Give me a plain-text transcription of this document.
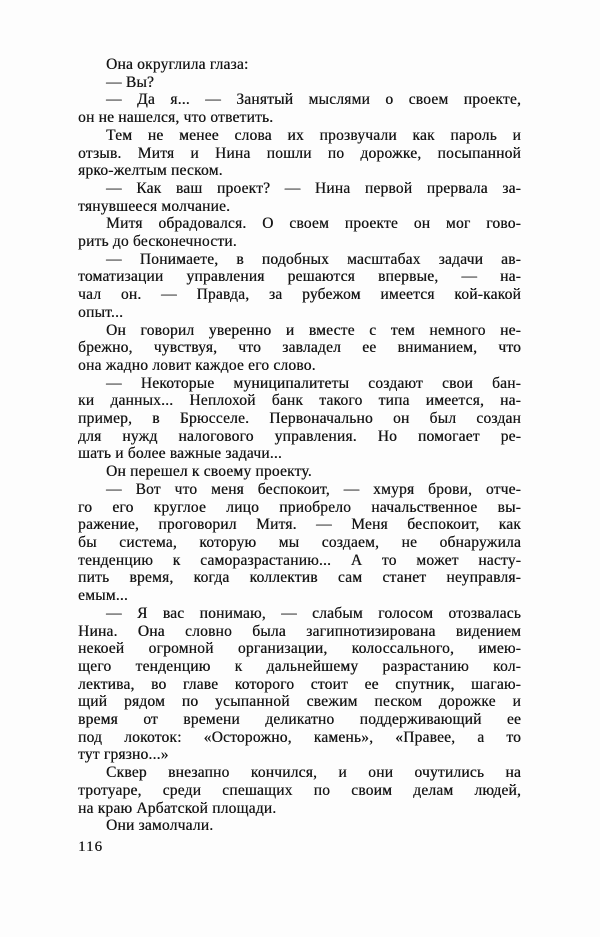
Она округлила глаза:
— Вы?
— Да я... — Занятый мыслями о своем проекте,
он не нашелся, что ответить.
Тем не менее слова их прозвучали как пароль и
отзыв. Митя и Нина пошли по дорожке, посыпанной
ярко-желтым песком.
— Как ваш проект? — Нина первой прервала за-
тянувшееся молчание.
Митя обрадовался. О своем проекте он мог гово-
рить до бесконечности.
— Понимаете, в подобных масштабах задачи ав-
томатизации управления решаются впервые, — на-
чал он. — Правда, за рубежом имеется кой-какой
опыт...
Он говорил уверенно и вместе с тем немного не-
брежно, чувствуя, что завладел ее вниманием, что
она жадно ловит каждое его слово.
— Некоторые муниципалитеты создают свои бан-
ки данных... Неплохой банк такого типа имеется, на-
пример, в Брюсселе. Первоначально он был создан
для нужд налогового управления. Но помогает ре-
шать и более важные задачи...
Он перешел к своему проекту.
— Вот что меня беспокоит, — хмуря брови, отче-
го его круглое лицо приобрело начальственное вы-
ражение, проговорил Митя. — Меня беспокоит, как
бы система, которую мы создаем, не обнаружила
тенденцию к саморазрастанию... А то может насту-
пить время, когда коллектив сам станет неуправля-
емым...
— Я вас понимаю, — слабым голосом отозвалась
Нина. Она словно была загипнотизирована видением
некоей огромной организации, колоссального, имею-
щего тенденцию к дальнейшему разрастанию кол-
лектива, во главе которого стоит ее спутник, шагаю-
щий рядом по усыпанной свежим песком дорожке и
время от времени деликатно поддерживающий ее
под локоток: «Осторожно, камень», «Правее, а то
тут грязно...»
Сквер внезапно кончился, и они очутились на
тротуаре, среди спешащих по своим делам людей,
на краю Арбатской площади.
Они замолчали.
116
